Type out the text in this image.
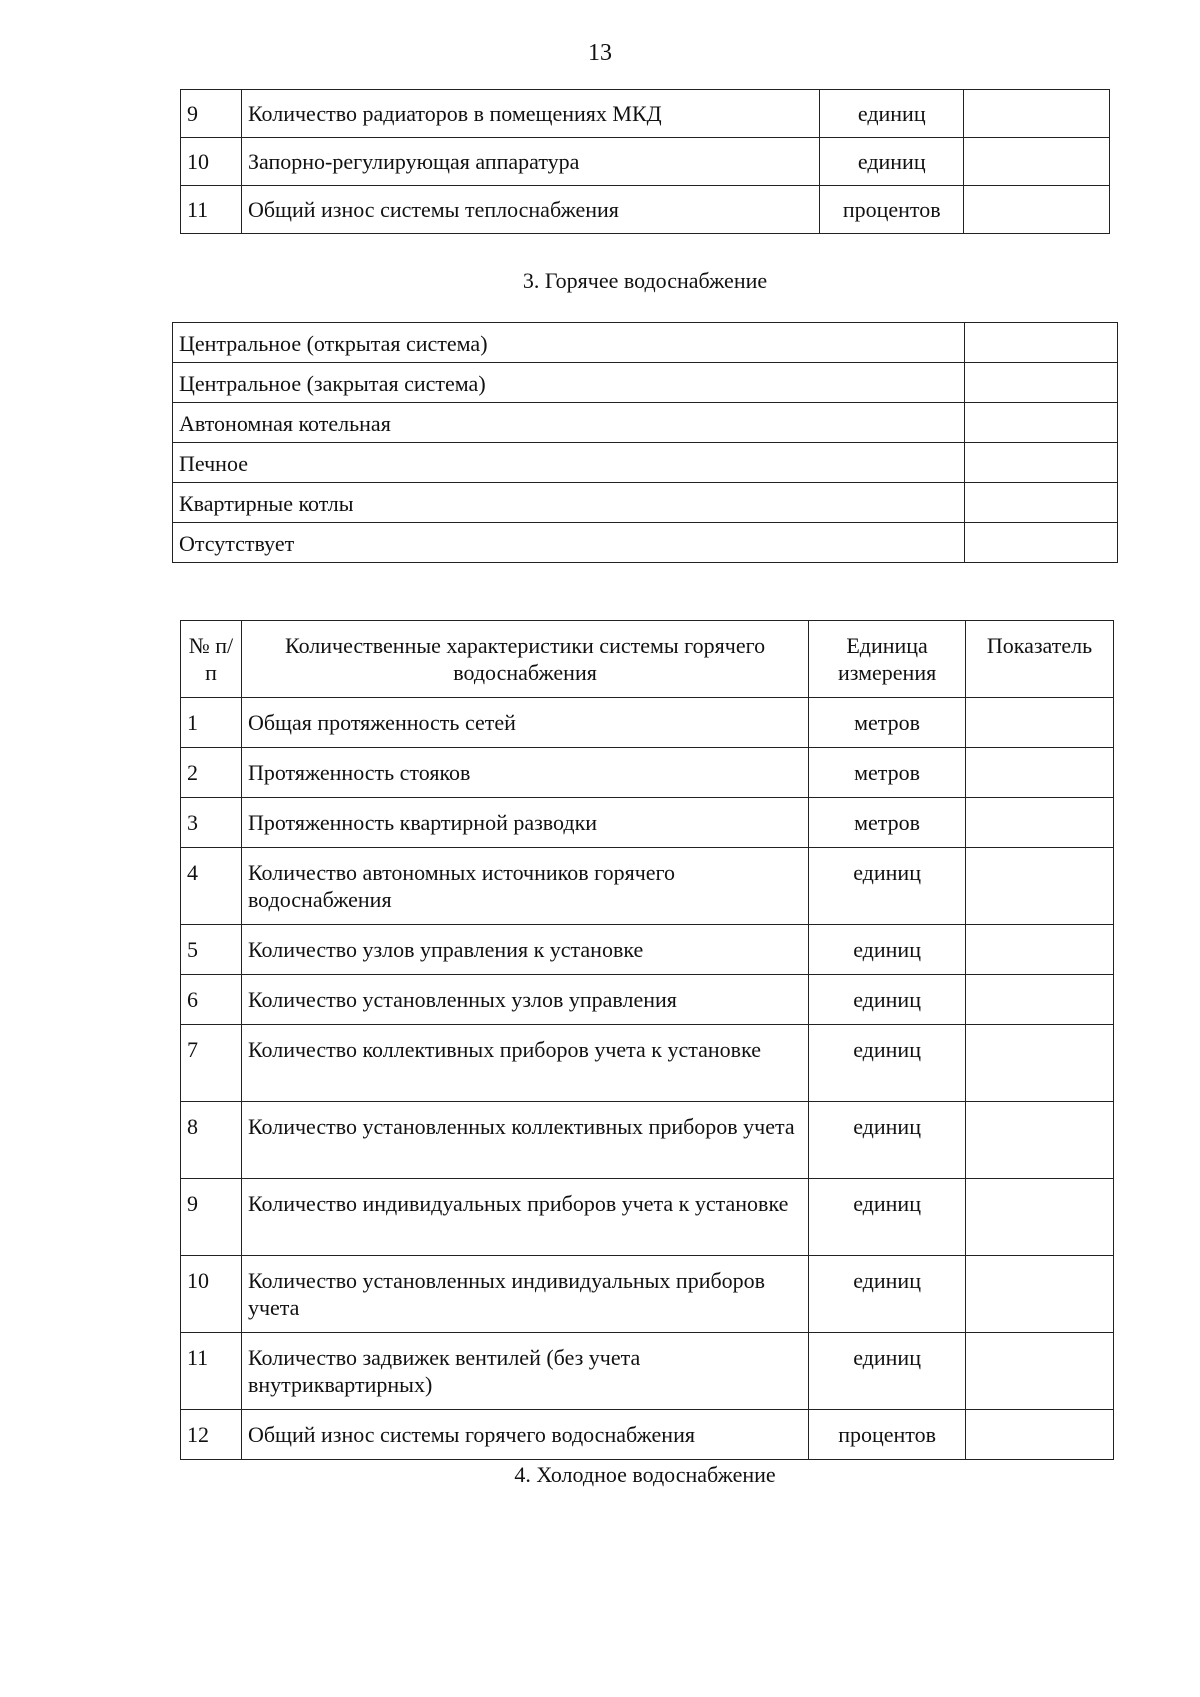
13
9	Количество радиаторов в помещениях МКД	единиц	
10	Запорно-регулирующая аппаратура	единиц	
11	Общий износ системы теплоснабжения	процентов	
3. Горячее водоснабжение
Центральное (открытая система)	
Центральное (закрытая система)	
Автономная котельная	
Печное	
Квартирные котлы	
Отсутствует	
№ п/п	Количественные характеристики системы горячего водоснабжения	Единица измерения	Показатель
1	Общая протяженность сетей	метров	
2	Протяженность стояков	метров	
3	Протяженность квартирной разводки	метров	
4	Количество автономных источников горячего водоснабжения	единиц	
5	Количество узлов управления к установке	единиц	
6	Количество установленных узлов управления	единиц	
7	Количество коллективных приборов учета к установке	единиц	
8	Количество установленных коллективных приборов учета	единиц	
9	Количество индивидуальных приборов учета к установке	единиц	
10	Количество установленных индивидуальных приборов учета	единиц	
11	Количество задвижек вентилей (без учета внутриквартирных)	единиц	
12	Общий износ системы горячего водоснабжения	процентов	
4. Холодное водоснабжение
